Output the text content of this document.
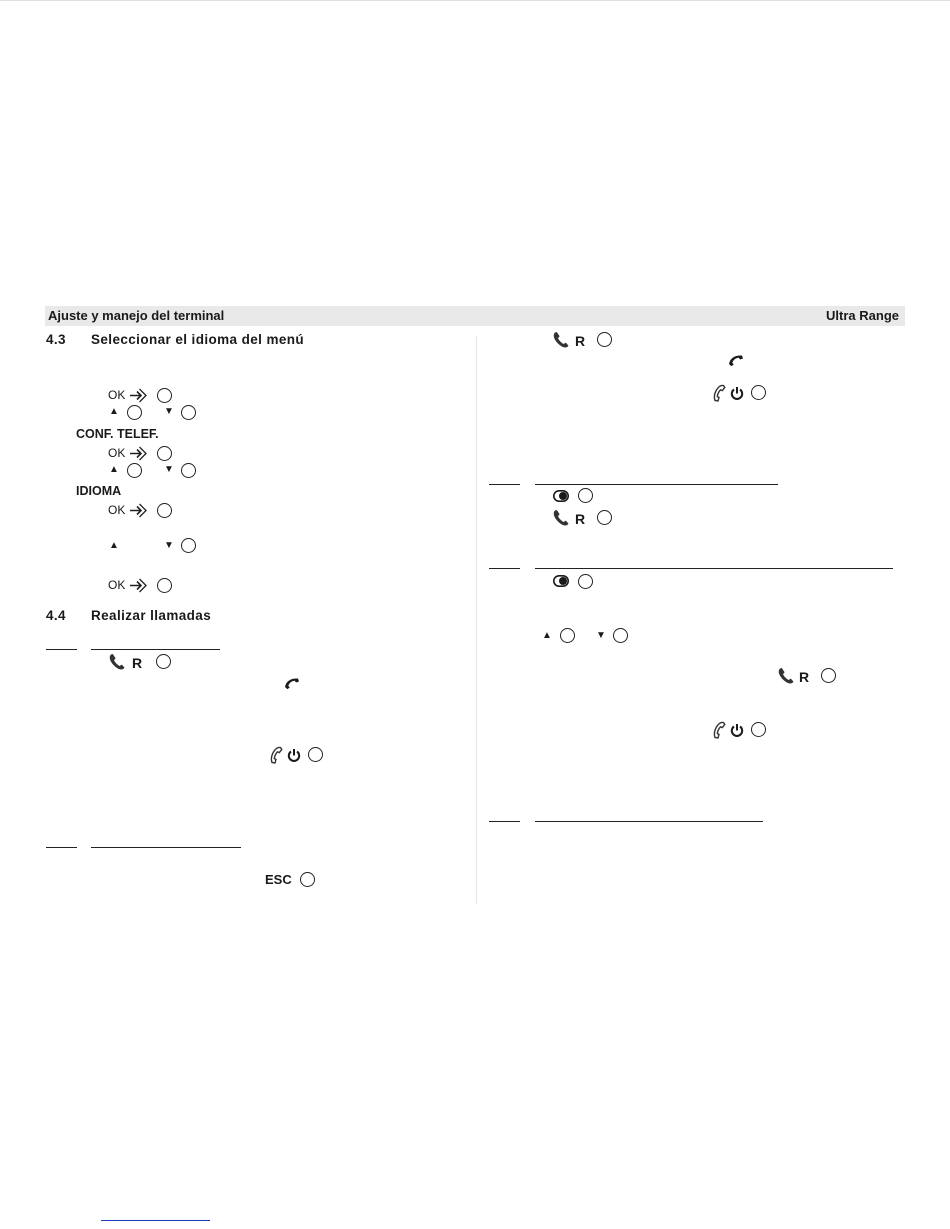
Ajuste y manejo del terminal	Ultra Range
4.3 Seleccionar el idioma del menú
OK
▲	▼
CONF. TELEF.
OK
▲	▼
IDIOMA
OK
▲	▼
OK
4.4 Realizar llamadas
R
ESC
R
R
▲	▼
R
